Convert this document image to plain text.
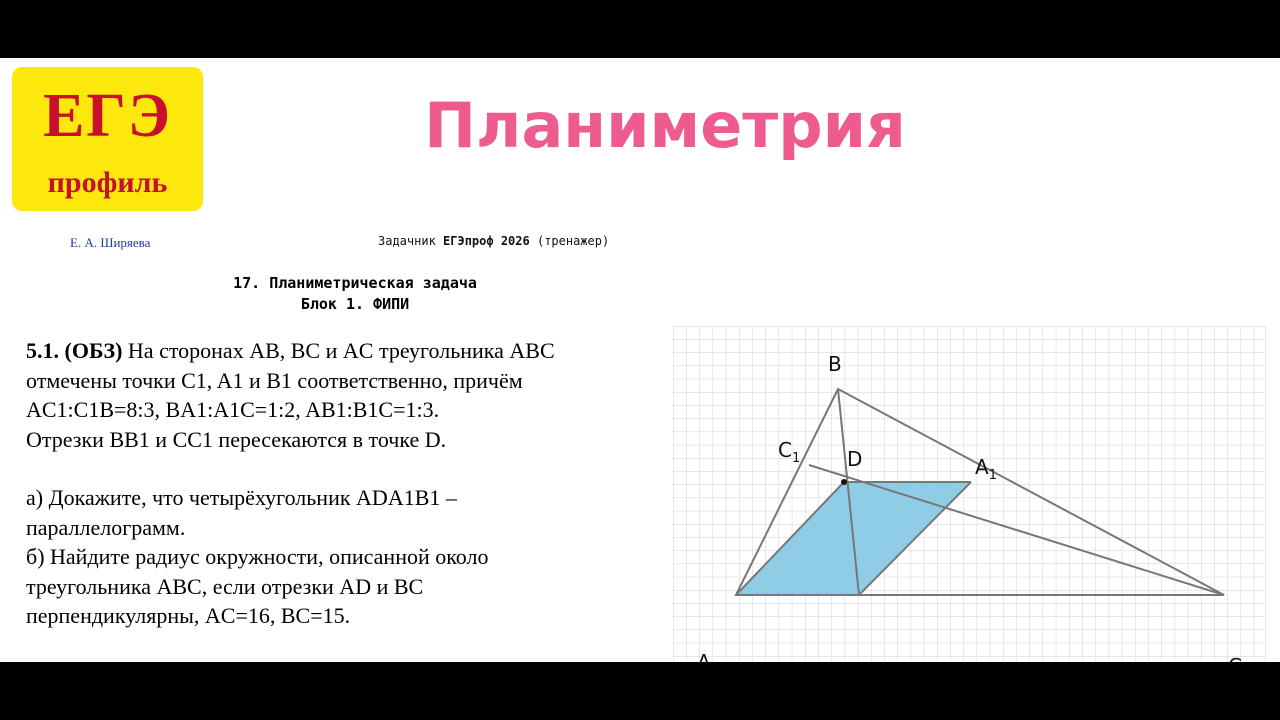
ЕГЭ
профиль
Планиметрия
Е. А. Ширяева	Задачник ЕГЭпроф 2026 (тренажер)
17. Планиметрическая задача
Блок 1. ФИПИ

5.1. (ОБЗ) На сторонах AB, BC и AC треугольника ABC

отмечены точки C1, A1 и B1 соответственно, причём

AC1:C1B=8:3, BA1:A1C=1:2, AB1:B1C=1:3.

Отрезки BB1 и CC1 пересекаются в точке D.

а) Докажите, что четырёхугольник ADA1B1 –

параллелограмм.

б) Найдите радиус окружности, описанной около

треугольника ABC, если отрезки AD и BC

перпендикулярны, AC=16, BC=15.

B
D
$C_1$	$A_1$
